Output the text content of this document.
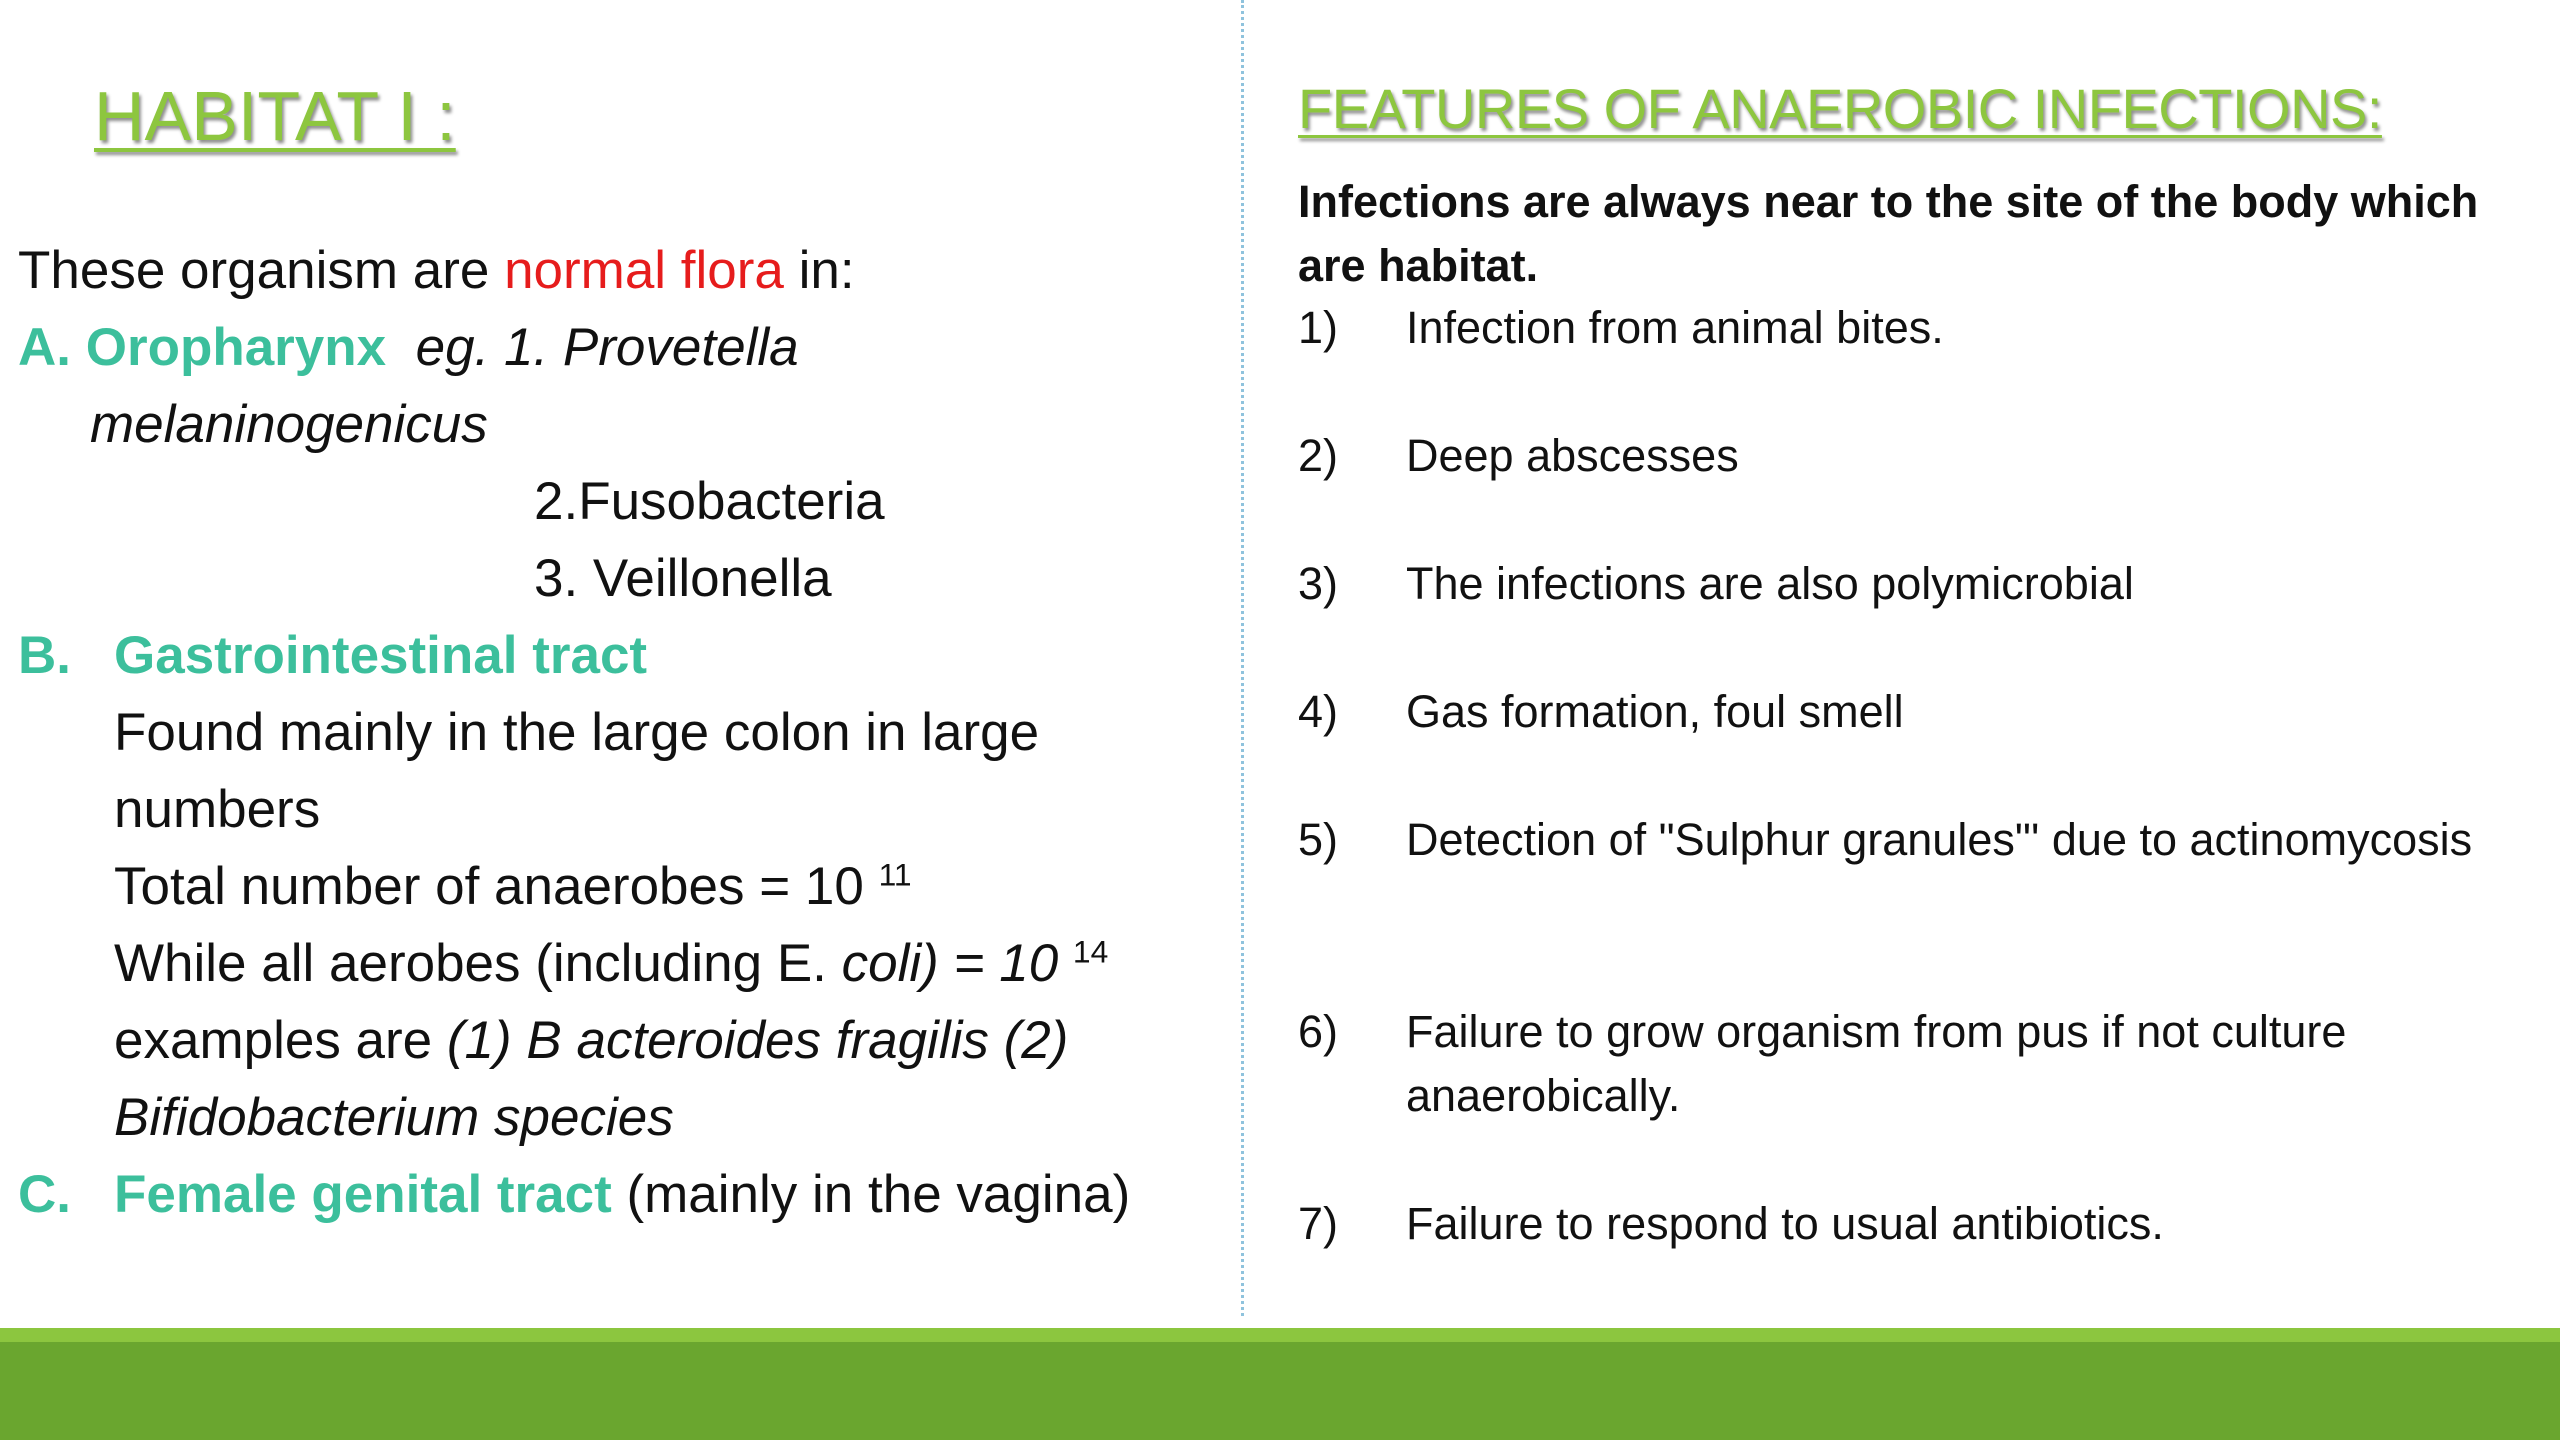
HABITAT I :
These organism are normal flora in:
A. Oropharynx eg. 1. Provetella
melaninogenicus
2.Fusobacteria
3. Veillonella
B. Gastrointestinal tract
Found mainly in the large colon in large
numbers
Total number of anaerobes = 10 $^{11}$
While all aerobes (including E. coli) = 10 $^{14}$
examples are (1) B acteroides fragilis (2)
Bifidobacterium species
C. Female genital tract (mainly in the vagina)
FEATURES OF ANAEROBIC INFECTIONS:
Infections are always near to the site of the body which are habitat.
1)	Infection from animal bites.
2)	Deep abscesses
3)	The infections are also polymicrobial
4)	Gas formation, foul smell
5)	Detection of "Sulphur granules"' due to actinomycosis
6)	Failure to grow organism from pus if not culture anaerobically.
7)	Failure to respond to usual antibiotics.
